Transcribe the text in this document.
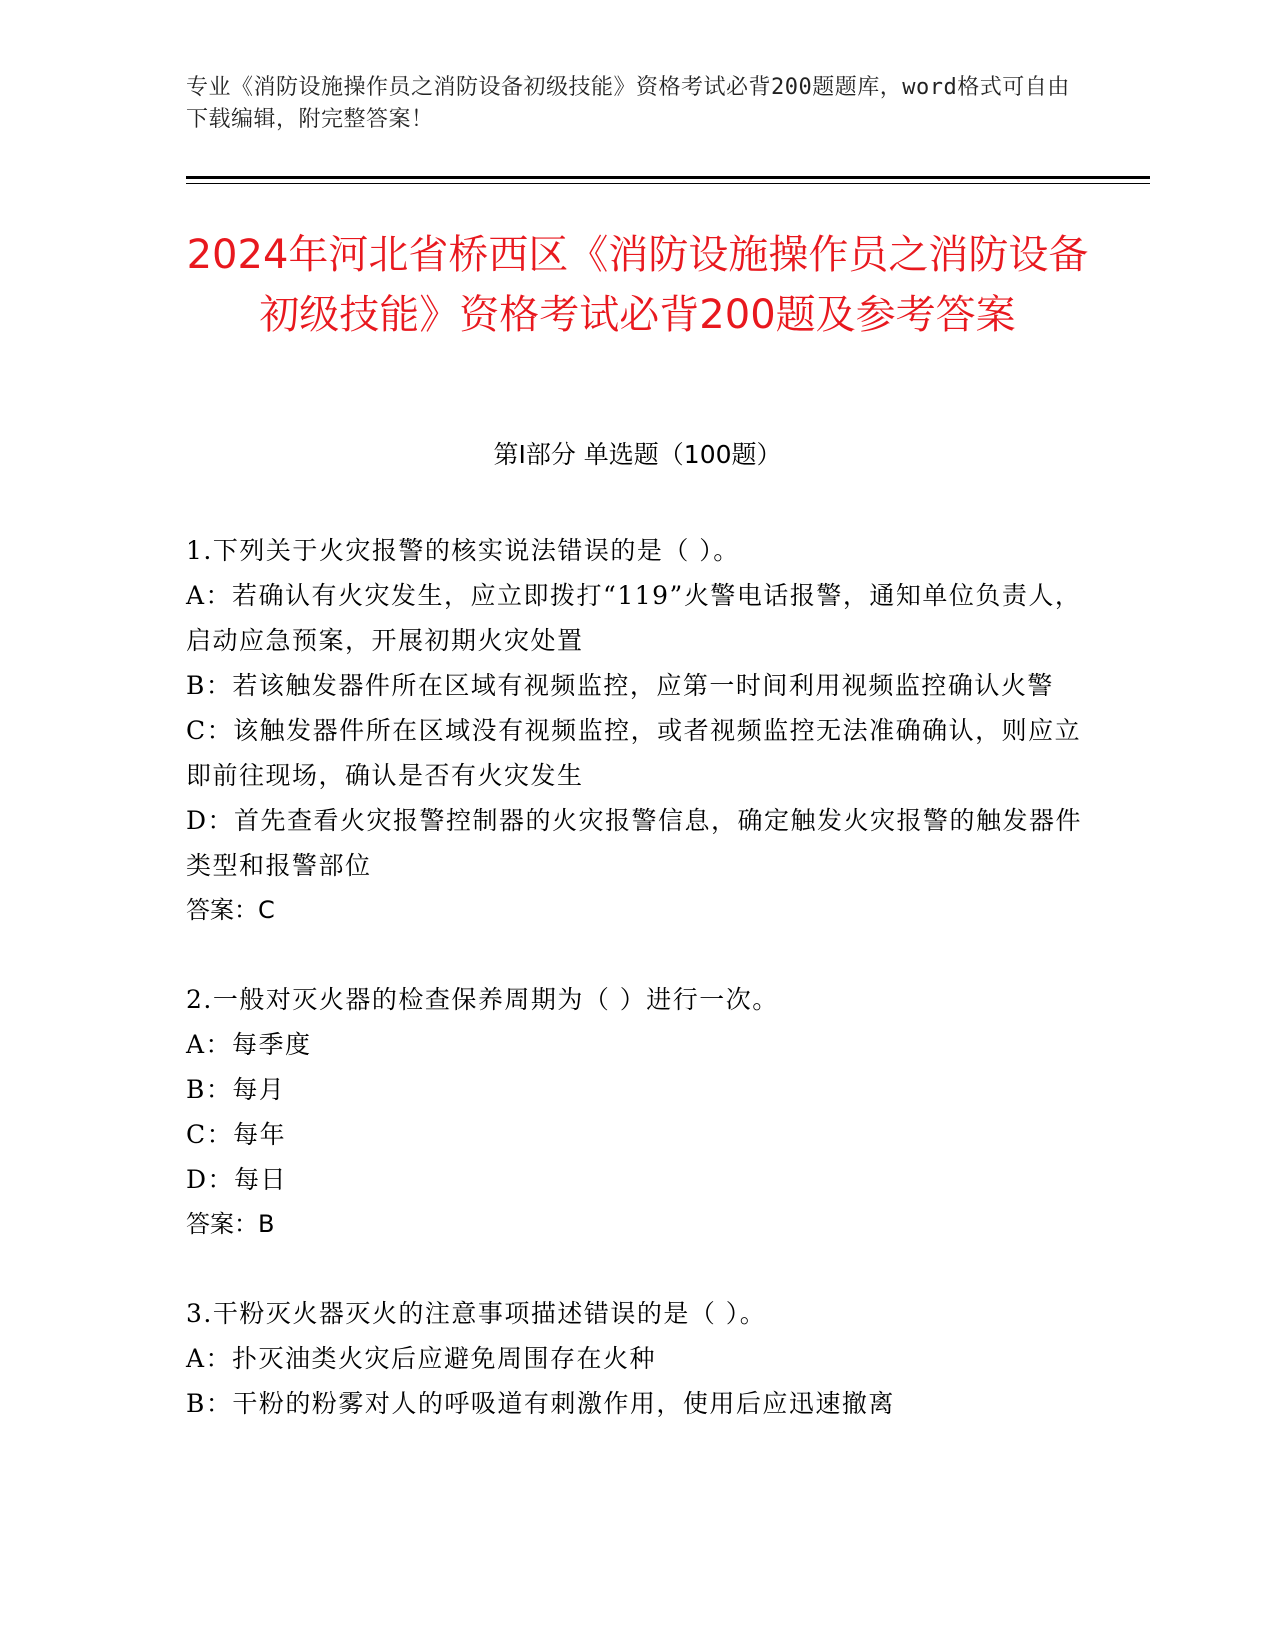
专业《消防设施操作员之消防设备初级技能》资格考试必背200题题库，word格式可自由下载编辑，附完整答案！
2024年河北省桥西区《消防设施操作员之消防设备初级技能》资格考试必背200题及参考答案
第I部分 单选题（100题）

1.下列关于火灾报警的核实说法错误的是（ ）。

A：若确认有火灾发生，应立即拨打“119”火警电话报警，通知单位负责人，启动应急预案，开展初期火灾处置

B：若该触发器件所在区域有视频监控，应第一时间利用视频监控确认火警

C：该触发器件所在区域没有视频监控，或者视频监控无法准确确认，则应立即前往现场，确认是否有火灾发生

D：首先查看火灾报警控制器的火灾报警信息，确定触发火灾报警的触发器件类型和报警部位

答案：C

2.一般对灭火器的检查保养周期为（ ）进行一次。

A：每季度

B：每月

C：每年

D：每日

答案：B

3.干粉灭火器灭火的注意事项描述错误的是（ ）。

A：扑灭油类火灾后应避免周围存在火种

B：干粉的粉雾对人的呼吸道有刺激作用，使用后应迅速撤离
